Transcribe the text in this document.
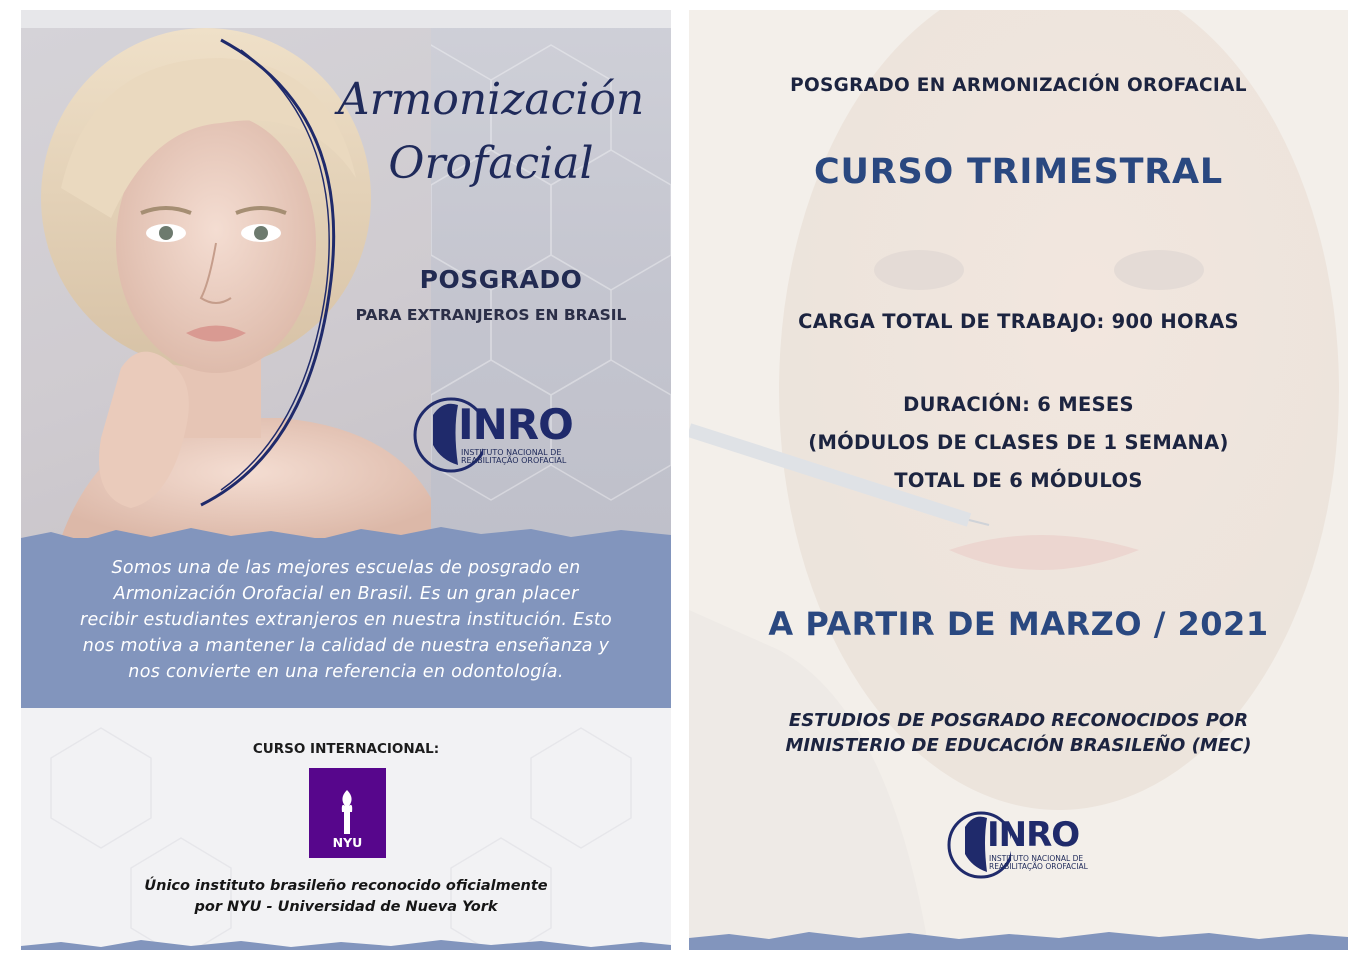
Armonización
Orofacial
POSGRADO
PARA EXTRANJEROS EN BRASIL
INRO
INSTITUTO NACIONAL DE
REABILITAÇÃO OROFACIAL
Somos una de las mejores escuelas de posgrado en
Armonización Orofacial en Brasil. Es un gran placer
recibir estudiantes extranjeros en nuestra institución. Esto
nos motiva a mantener la calidad de nuestra enseñanza y
nos convierte en una referencia en odontología.
CURSO INTERNACIONAL:
NYU
Único instituto brasileño reconocido oficialmente
por NYU - Universidad de Nueva York
POSGRADO EN ARMONIZACIÓN OROFACIAL
CURSO TRIMESTRAL
CARGA TOTAL DE TRABAJO: 900 HORAS
DURACIÓN: 6 MESES
(MÓDULOS DE CLASES DE 1 SEMANA)
TOTAL DE 6 MÓDULOS
A PARTIR DE MARZO / 2021
ESTUDIOS DE POSGRADO RECONOCIDOS POR
MINISTERIO DE EDUCACIÓN BRASILEÑO (MEC)
INRO
INSTITUTO NACIONAL DE
REABILITAÇÃO OROFACIAL
